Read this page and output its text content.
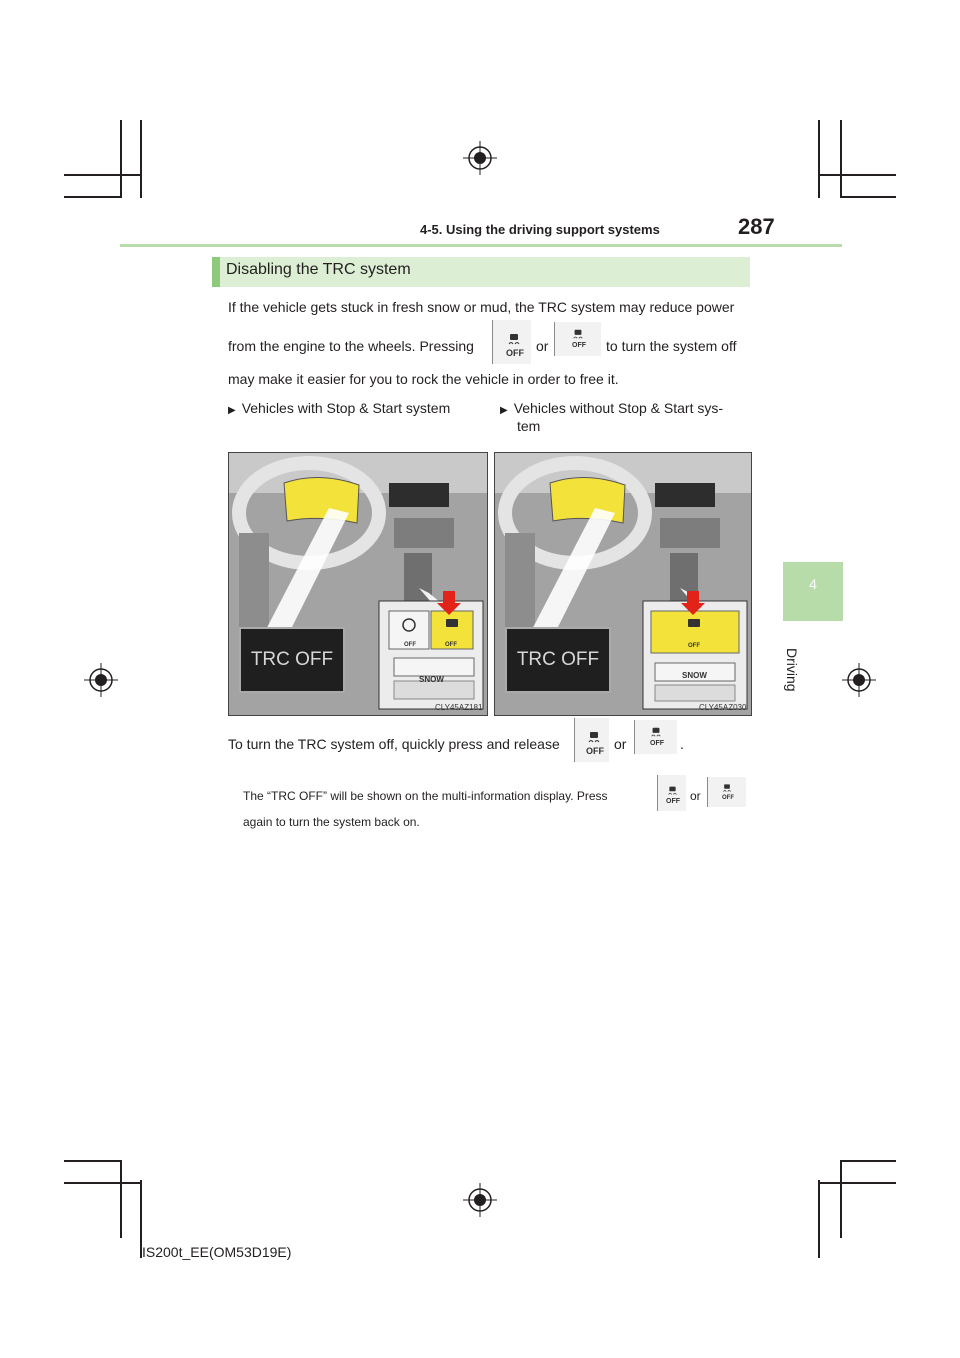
4-5. Using the driving support systems	287
4
Driving
Disabling the TRC system
If the vehicle gets stuck in fresh snow or mud, the TRC system may reduce power
from the engine to the wheels. Pressing	OFF or	OFF to turn the system off
may make it easier for you to rock the vehicle in order to free it.
▶ Vehicles with Stop & Start system	▶ Vehicles without Stop & Start sys-
tem
OFF	OFF
SNOW
TRC OFF
CLY45AZ181
OFF
SNOW
TRC OFF
CLY45AZ030
To turn the TRC system off, quickly press and release	OFF or	OFF .
The “TRC OFF” will be shown on the multi-information display. Press	OFF or	OFF
again to turn the system back on.
IS200t_EE(OM53D19E)
